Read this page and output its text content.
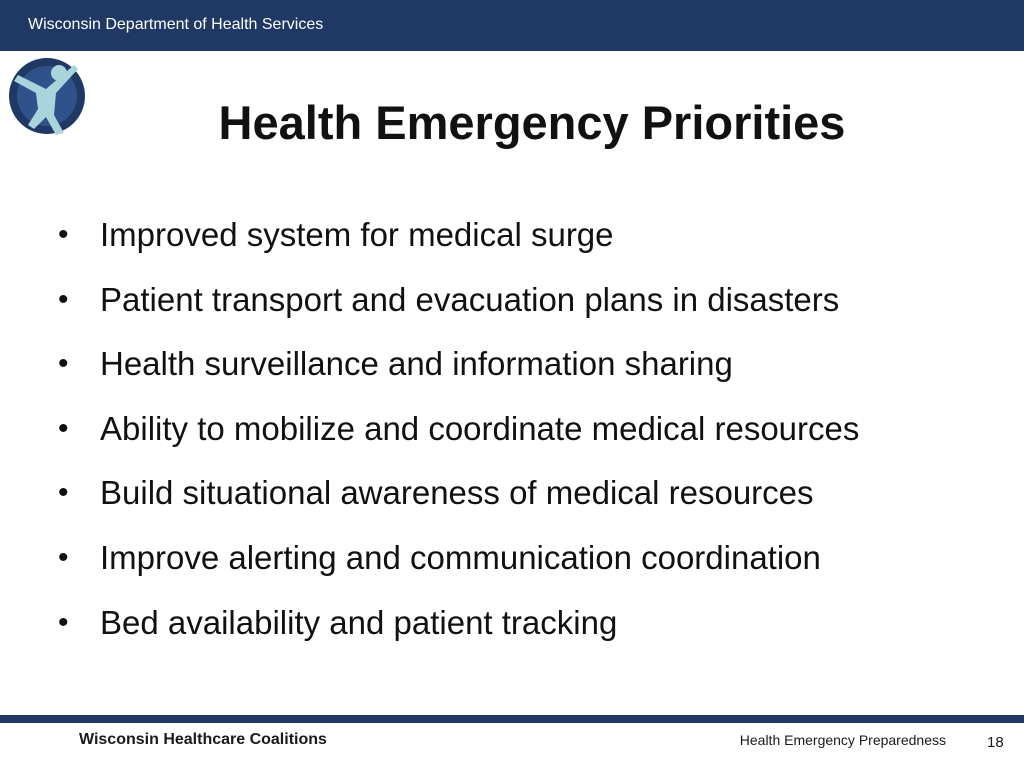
Wisconsin Department of Health Services
Health Emergency Priorities
• Improved system for medical surge
• Patient transport and evacuation plans in disasters
• Health surveillance and information sharing
• Ability to mobilize and coordinate medical resources
• Build situational awareness of medical resources
• Improve alerting and communication coordination
• Bed availability and patient tracking
Wisconsin Healthcare Coalitions	Health Emergency Preparedness	18
